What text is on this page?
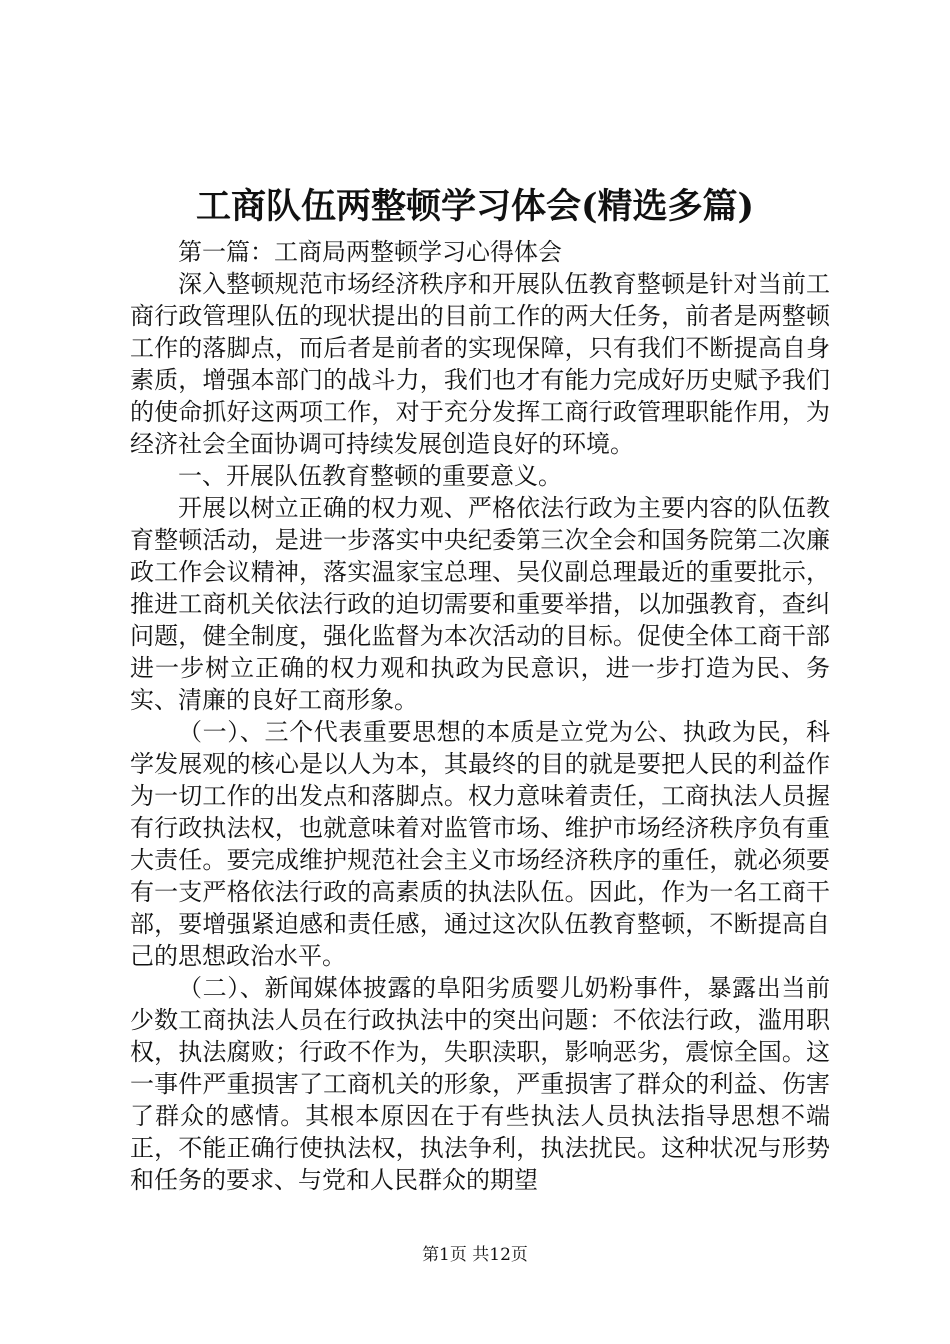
工商队伍两整顿学习体会(精选多篇)

第一篇：工商局两整顿学习心得体会

深入整顿规范市场经济秩序和开展队伍教育整顿是针对当前工商行政管理队伍的现状提出的目前工作的两大任务，前者是两整顿工作的落脚点，而后者是前者的实现保障，只有我们不断提高自身素质，增强本部门的战斗力，我们也才有能力完成好历史赋予我们的使命抓好这两项工作，对于充分发挥工商行政管理职能作用，为经济社会全面协调可持续发展创造良好的环境。

一、开展队伍教育整顿的重要意义。

开展以树立正确的权力观、严格依法行政为主要内容的队伍教育整顿活动，是进一步落实中央纪委第三次全会和国务院第二次廉政工作会议精神，落实温家宝总理、吴仪副总理最近的重要批示，推进工商机关依法行政的迫切需要和重要举措，以加强教育，查纠问题，健全制度，强化监督为本次活动的目标。促使全体工商干部进一步树立正确的权力观和执政为民意识，进一步打造为民、务实、清廉的良好工商形象。

（一）、三个代表重要思想的本质是立党为公、执政为民，科学发展观的核心是以人为本，其最终的目的就是要把人民的利益作为一切工作的出发点和落脚点。权力意味着责任，工商执法人员握有行政执法权，也就意味着对监管市场、维护市场经济秩序负有重大责任。要完成维护规范社会主义市场经济秩序的重任，就必须要有一支严格依法行政的高素质的执法队伍。因此，作为一名工商干部，要增强紧迫感和责任感，通过这次队伍教育整顿，不断提高自己的思想政治水平。

（二）、新闻媒体披露的阜阳劣质婴儿奶粉事件，暴露出当前少数工商执法人员在行政执法中的突出问题：不依法行政，滥用职权，执法腐败；行政不作为，失职渎职，影响恶劣，震惊全国。这一事件严重损害了工商机关的形象，严重损害了群众的利益、伤害了群众的感情。其根本原因在于有些执法人员执法指导思想不端正，不能正确行使执法权，执法争利，执法扰民。这种状况与形势和任务的要求、与党和人民群众的期望

第1页 共12页
